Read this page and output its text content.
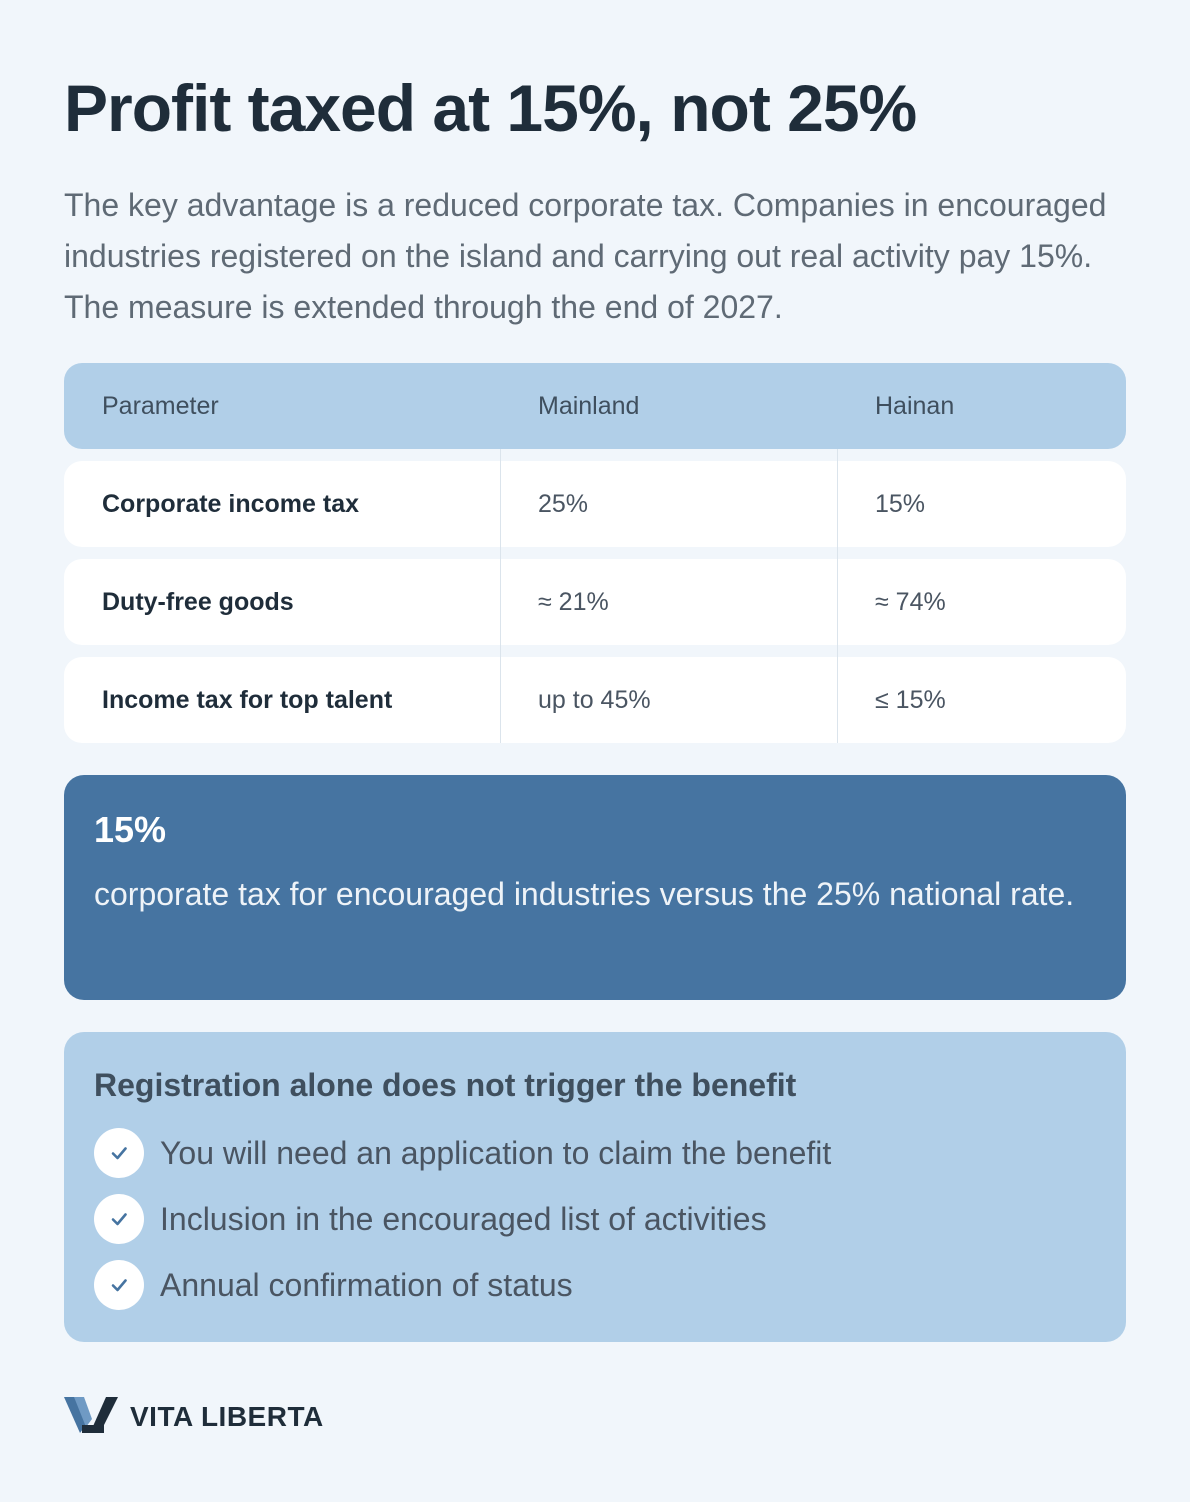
Profit taxed at 15%, not 25%

The key advantage is a reduced corporate tax. Companies in encouraged industries registered on the island and carrying out real activity pay 15%. The measure is extended through the end of 2027.

Parameter	Mainland	Hainan
Corporate income tax	25%	15%
Duty-free goods	≈ 21%	≈ 74%
Income tax for top talent	up to 45%	≤ 15%
15%
corporate tax for encouraged industries versus the 25% national rate.
Registration alone does not trigger the benefit
You will need an application to claim the benefit
Inclusion in the encouraged list of activities
Annual confirmation of status
VITA LIBERTA
